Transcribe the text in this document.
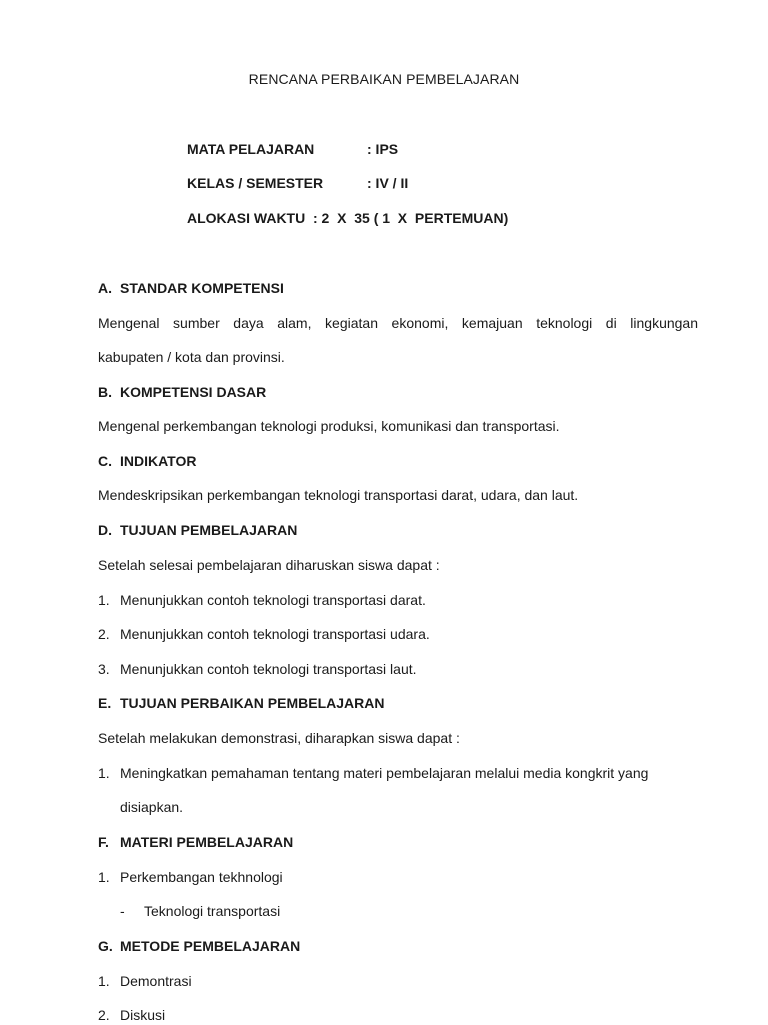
RENCANA PERBAIKAN PEMBELAJARAN
MATA PELAJARAN	: IPS
KELAS / SEMESTER	: IV / II
ALOKASI WAKTU  : 2  X  35 ( 1  X  PERTEMUAN)
A. STANDAR KOMPETENSI
Mengenal sumber daya alam, kegiatan ekonomi, kemajuan teknologi di lingkungan
kabupaten / kota dan provinsi.
B. KOMPETENSI DASAR
Mengenal perkembangan teknologi produksi, komunikasi dan transportasi.
C. INDIKATOR
Mendeskripsikan perkembangan teknologi transportasi darat, udara, dan laut.
D. TUJUAN PEMBELAJARAN
Setelah selesai pembelajaran diharuskan siswa dapat :
1. Menunjukkan contoh teknologi transportasi darat.
2. Menunjukkan contoh teknologi transportasi udara.
3. Menunjukkan contoh teknologi transportasi laut.
E. TUJUAN PERBAIKAN PEMBELAJARAN
Setelah melakukan demonstrasi, diharapkan siswa dapat :
1. Meningkatkan pemahaman tentang materi pembelajaran melalui media kongkrit yang
disiapkan.
F. MATERI PEMBELAJARAN
1. Perkembangan tekhnologi
- Teknologi transportasi
G. METODE PEMBELAJARAN
1. Demontrasi
2. Diskusi
